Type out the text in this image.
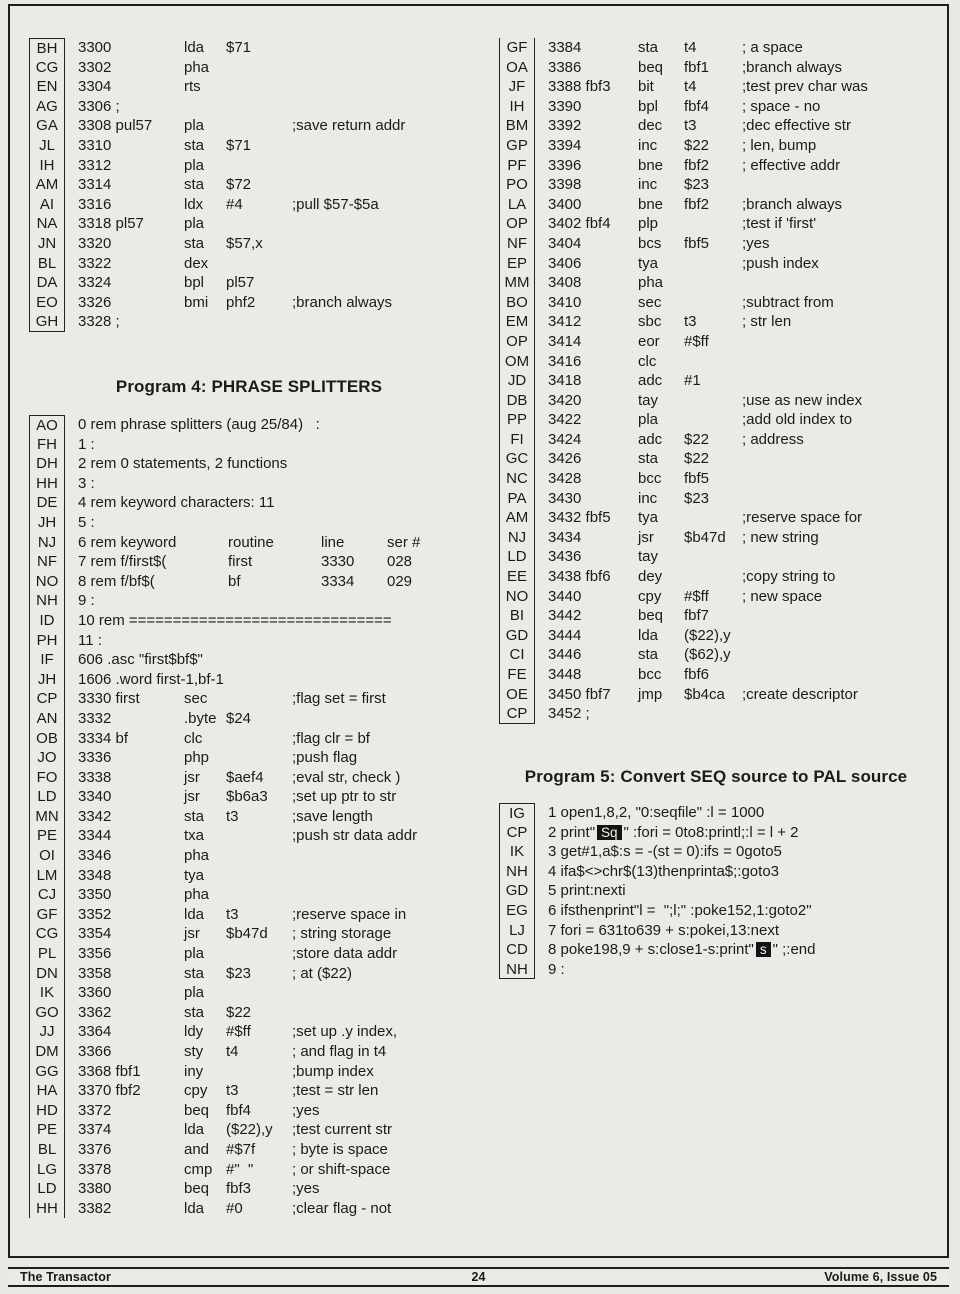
BH	3300	lda	$71
CG	3302	pha
EN	3304	rts
AG	3306 ;
GA	3308 pul57	pla	;save return addr
JL	3310	sta	$71
IH	3312	pla
AM	3314	sta	$72
AI	3316	ldx	#4	;pull $57-$5a
NA	3318 pl57	pla
JN	3320	sta	$57,x
BL	3322	dex
DA	3324	bpl	pl57
EO	3326	bmi	phf2	;branch always
GH	3328 ;
Program 4: PHRASE SPLITTERS
AO	0 rem phrase splitters (aug 25/84)   :
FH	1 :
DH	2 rem 0 statements, 2 functions
HH	3 :
DE	4 rem keyword characters: 11
JH	5 :
NJ	6 rem keyword	routine	line	ser #
NF	7 rem f/first$(	first	3330	028
NO	8 rem f/bf$(	bf	3334	029
NH	9 :
ID	10 rem ==============================
PH	11 :
IF	606 .asc "first$bf$"
JH	1606 .word first-1,bf-1
CP	3330 first	sec	;flag set = first
AN	3332	.byte $24
OB	3334 bf	clc	;flag clr = bf
JO	3336	php	;push flag
FO	3338	jsr	$aef4	;eval str, check )
LD	3340	jsr	$b6a3	;set up ptr to str
MN	3342	sta	t3	;save length
PE	3344	txa	;push str data addr
OI	3346	pha
LM	3348	tya
CJ	3350	pha
GF	3352	lda	t3	;reserve space in
CG	3354	jsr	$b47d	; string storage
PL	3356	pla	;store data addr
DN	3358	sta	$23	; at ($22)
IK	3360	pla
GO	3362	sta	$22
JJ	3364	ldy	#$ff	;set up .y index,
DM	3366	sty	t4	; and flag in t4
GG	3368 fbf1	iny	;bump index
HA	3370 fbf2	cpy	t3	;test = str len
HD	3372	beq	fbf4	;yes
PE	3374	lda	($22),y	;test current str
BL	3376	and	#$7f	; byte is space
LG	3378	cmp #"  "	; or shift-space
LD	3380	beq	fbf3	;yes
HH	3382	lda	#0	;clear flag - not
GF	3384	sta	t4	; a space
OA	3386	beq	fbf1	;branch always
JF	3388 fbf3	bit	t4	;test prev char was
IH	3390	bpl	fbf4	; space - no
BM	3392	dec	t3	;dec effective str
GP	3394	inc	$22	; len, bump
PF	3396	bne	fbf2	; effective addr
PO	3398	inc	$23
LA	3400	bne	fbf2	;branch always
OP	3402 fbf4	plp	;test if 'first'
NF	3404	bcs	fbf5	;yes
EP	3406	tya	;push index
MM	3408	pha
BO	3410	sec	;subtract from
EM	3412	sbc	t3	; str len
OP	3414	eor	#$ff
OM	3416	clc
JD	3418	adc	#1
DB	3420	tay	;use as new index
PP	3422	pla	;add old index to
FI	3424	adc	$22	; address
GC	3426	sta	$22
NC	3428	bcc	fbf5
PA	3430	inc	$23
AM	3432 fbf5	tya	;reserve space for
NJ	3434	jsr	$b47d	; new string
LD	3436	tay
EE	3438 fbf6	dey	;copy string to
NO	3440	cpy	#$ff	; new space
BI	3442	beq	fbf7
GD	3444	lda	($22),y
CI	3446	sta	($62),y
FE	3448	bcc	fbf6
OE	3450 fbf7	jmp	$b4ca	;create descriptor
CP	3452 ;
Program 5: Convert SEQ source to PAL source
IG	1 open1,8,2, "0:seqfile" :l = 1000
CP	2 print" Sq " :fori = 0to8:printl;:l = l + 2
IK	3 get#1,a$:s = -(st = 0):ifs = 0goto5
NH	4 ifa$<>chr$(13)thenprinta$;:goto3
GD	5 print:nexti
EG	6 ifsthenprint"l =  ";l;" :poke152,1:goto2"
LJ	7 fori = 631to639 + s:pokei,13:next
CD	8 poke198,9 + s:close1-s:print" s " ;:end
NH	9 :
The Transactor	24	Volume 6, Issue 05
